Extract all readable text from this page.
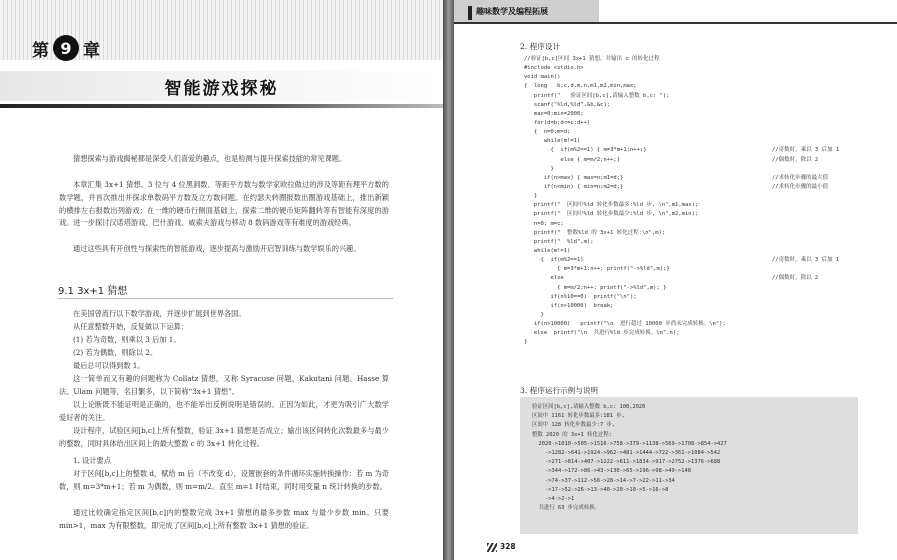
第 9 章
智能游戏探秘

猜想探索与游戏揭秘都是深受人们喜爱的趣点，也是检测与提升探索技能的常见课题。

本章汇集 3x+1 猜想、3 位与 4 位黑洞数、等距平方数与数学家欧拉做过的涉及等距有理平方数的数学题，并首次推出并探求单数码平方数及立方数问题。在约瑟夫转圈报数出圈游戏基础上，推出新颖的横排左右报数出列游戏；在一维的硬币行侧面基础上，探索二维的硬币矩阵翻转等有智能有深度的游戏。进一步探讨汉诺塔游戏、巴什游戏、威索夫游戏与移动 8 数码游戏等有难度的游戏经典。

通过这些具有开创性与探索性的智能游戏，逐步提高与激励开启智训练与数学娱乐的兴趣。

9.1 3x+1 猜想

在美国曾流行以下数学游戏，并逐步扩展到世界各国。

从任意整数开始，反复做以下运算：

(1) 若为奇数，则乘以 3 后加 1。

(2) 若为偶数，则除以 2。

最后总可以得到数 1。

这一简单而又有趣的问题称为 Collatz 猜想，又称 Syracuse 问题、Kakutani 问题、Hasse 算法、Ulam 问题等，名目繁多，以下简称“3x+1 猜想”。

以上论断既不能证明是正确的，也不能举出反例说明是错误的。正因为如此，才更为吸引广大数学爱好者的关注。

设计程序，试验区间[b,c]上所有整数，验证 3x+1 猜想是否成立；输出该区间转化次数最多与最少的整数，同时具体给出区间上的最大整数 c 的 3x+1 转化过程。

1. 设计要点

对于区间[b,c]上的整数 d，赋给 m 后（不改变 d），设置嵌套的条件循环实施转换操作：若 m 为奇数，则 m=3*m+1；若 m 为偶数，则 m=m/2。直至 m=1 时结束，同时用变量 n 统计转换的步数。

通过比较确定指定区间[b,c]内的整数完成 3x+1 猜想的最多步数 max 与最少步数 min。只要 min>1，max 为有限整数，即完成了区间[b,c]上所有整数 3x+1 猜想的验证。

趣味数学及编程拓展
2. 程序设计
//验证[b,c]区间 3x+1 猜想，并输出 c 的转化过程
#include <stdio.h>
void main()
{  long   b,c,d,m,n,m1,m2,min,max;
printf("   验证区间[b,c],请输入整数 b,c: ");
scanf("%ld,%ld",&b,&c);
max=0;min=2000;
for(d=b;d<=c;d++)
{  n=0;m=d;
while(m!=1)
{  if(m%2==1) { m=3*m+1;n++;}	//奇数时，乘以 3 后加 1
else { m=m/2;n++;}	//偶数时，除以 2
}
if(n>max) { max=n;m1=d;}	//求转化步骤的最大值
if(n<min) { min=n;m2=d;}	//求转化步骤的最小值
}
printf("  区间中%ld 转化步数最多:%ld 步, \n",m1,max);
printf("  区间中%ld 转化步数最少:%ld 步, \n",m2,min);
n=0; m=c;
printf("  整数%ld 的 3x+1 转化过程:\n",m);
printf("  %ld",m);
while(m!=1)
{  if(m%2==1)	//奇数时，乘以 3 后加 1
{ m=3*m+1;n++; printf("->%ld",m);}
else	//偶数时，除以 2
{ m=m/2;n++; printf("->%ld",m); }
if(n%10==0)  printf("\n");
if(n>10000)  break;
}
if(n>10000)   printf("\n  进行超过 10000 步尚未完成转换。\n");
else  printf("\n  共进行%ld 步完成转换。\n",n);
}
3. 程序运行示例与说明
验证区间[b,c],请输入整数 b,c: 100,2020
区间中 1161 转化步数最多:181 步,
区间中 128 转化步数最少:7 步,
整数 2020 的 3x+1 转化过程:
2020->1010->505->1516->758->379->1138->569->1708->854->427
->1282->641->1924->962->481->1444->722->361->1084->542
->271->814->407->1222->611->1834->917->2752->1376->688
->344->172->86->43->130->65->196->98->49->148
->74->37->112->56->28->14->7->22->11->34
->17->52->26->13->40->20->10->5->16->8
->4->2->1
共进行 63 步完成转换。
328
